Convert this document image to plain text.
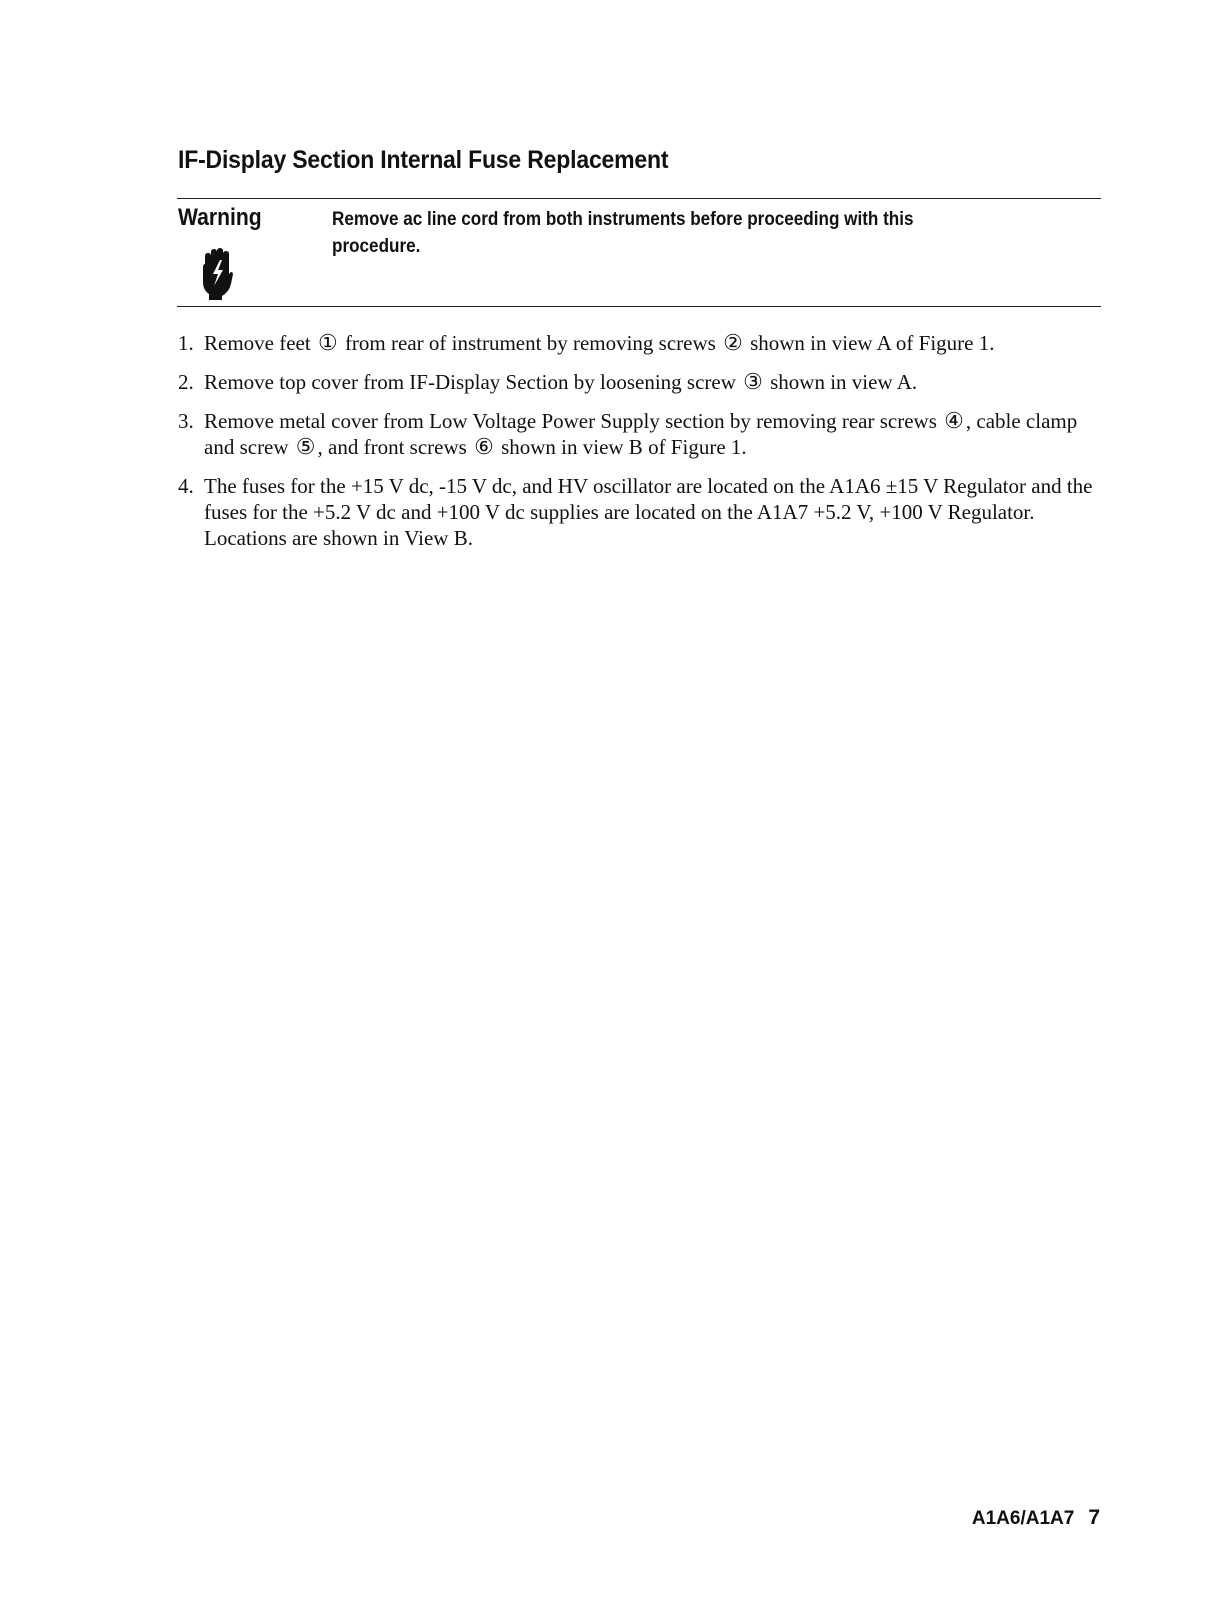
IF-Display Section Internal Fuse Replacement
Warning	Remove ac line cord from both instruments before proceeding with this procedure.
1. Remove feet ① from rear of instrument by removing screws ② shown in view A of Figure 1.
2. Remove top cover from IF-Display Section by loosening screw ③ shown in view A.
3. Remove metal cover from Low Voltage Power Supply section by removing rear screws ④, cable clamp and screw ⑤, and front screws ⑥ shown in view B of Figure 1.
4. The fuses for the +15 V dc, -15 V dc, and HV oscillator are located on the A1A6 ±15 V Regulator and the fuses for the +5.2 V dc and +100 V dc supplies are located on the A1A7 +5.2 V, +100 V Regulator. Locations are shown in View B.
A1A6/A1A7 7
